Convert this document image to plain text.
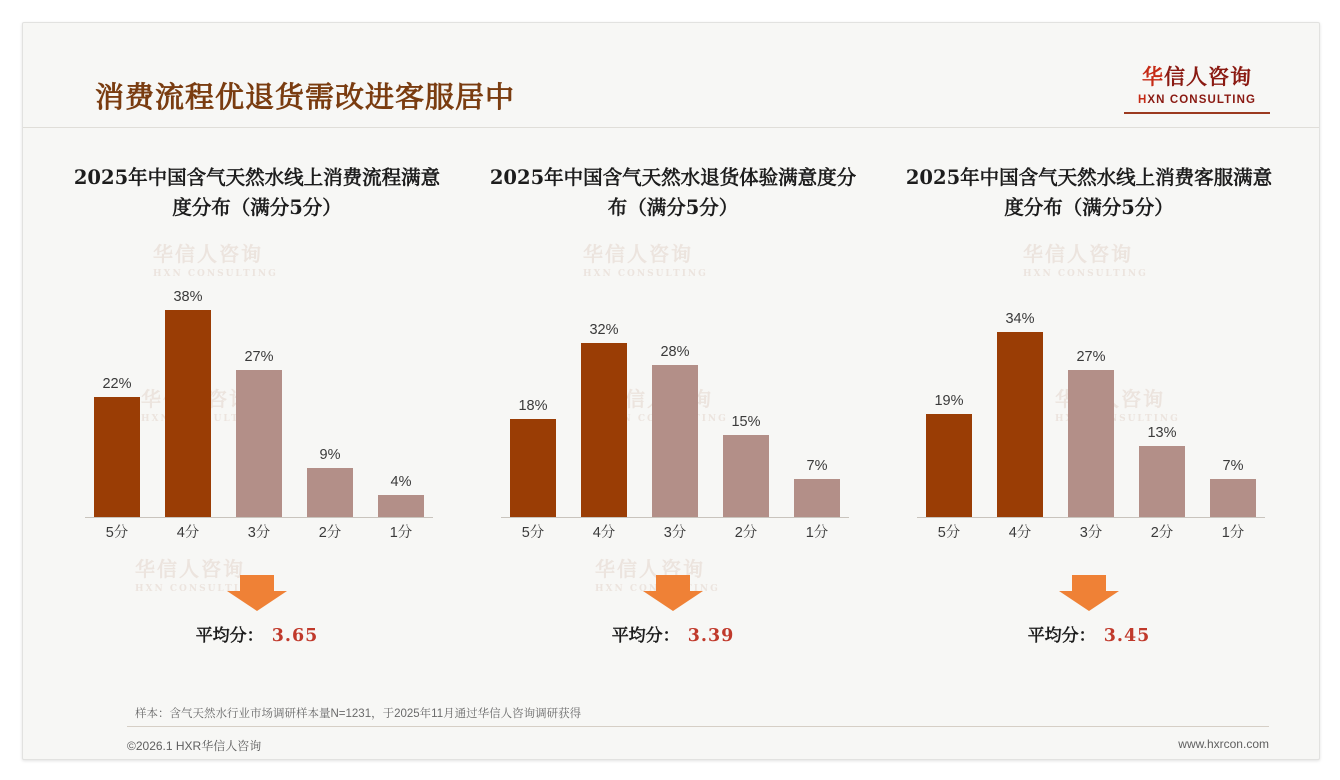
消费流程优退货需改进客服居中
华信人咨询
HXN CONSULTING
华信人咨询
HXN CONSULTING
华信人咨询
HXN CONSULTING
华信人咨询
HXN CONSULTING
HXN CONSULTING	HXN CONSULTING
华信人咨询
HXN CONSULTING
华信人咨询
HXN
2025年中国含气天然水线上消费流程满意度分布（满分5分）
22%
38%
27%
9%
4%
5分	4分	3分	2分	1分
平均分： 3.65
2025年中国含气天然水退货体验满意度分布（满分5分）
18%
32%
28%
15%
7%
5分	4分	3分	2分	1分
平均分： 3.39
2025年中国含气天然水线上消费客服满意度分布（满分5分）
19%
34%
27%
13%
7%
5分	4分	3分	2分	1分
平均分： 3.45
样本：含气天然水行业市场调研样本量N=1231，于2025年11月通过华信人咨询调研获得
©2026.1 HXR华信人咨询	www.hxrcon.com
